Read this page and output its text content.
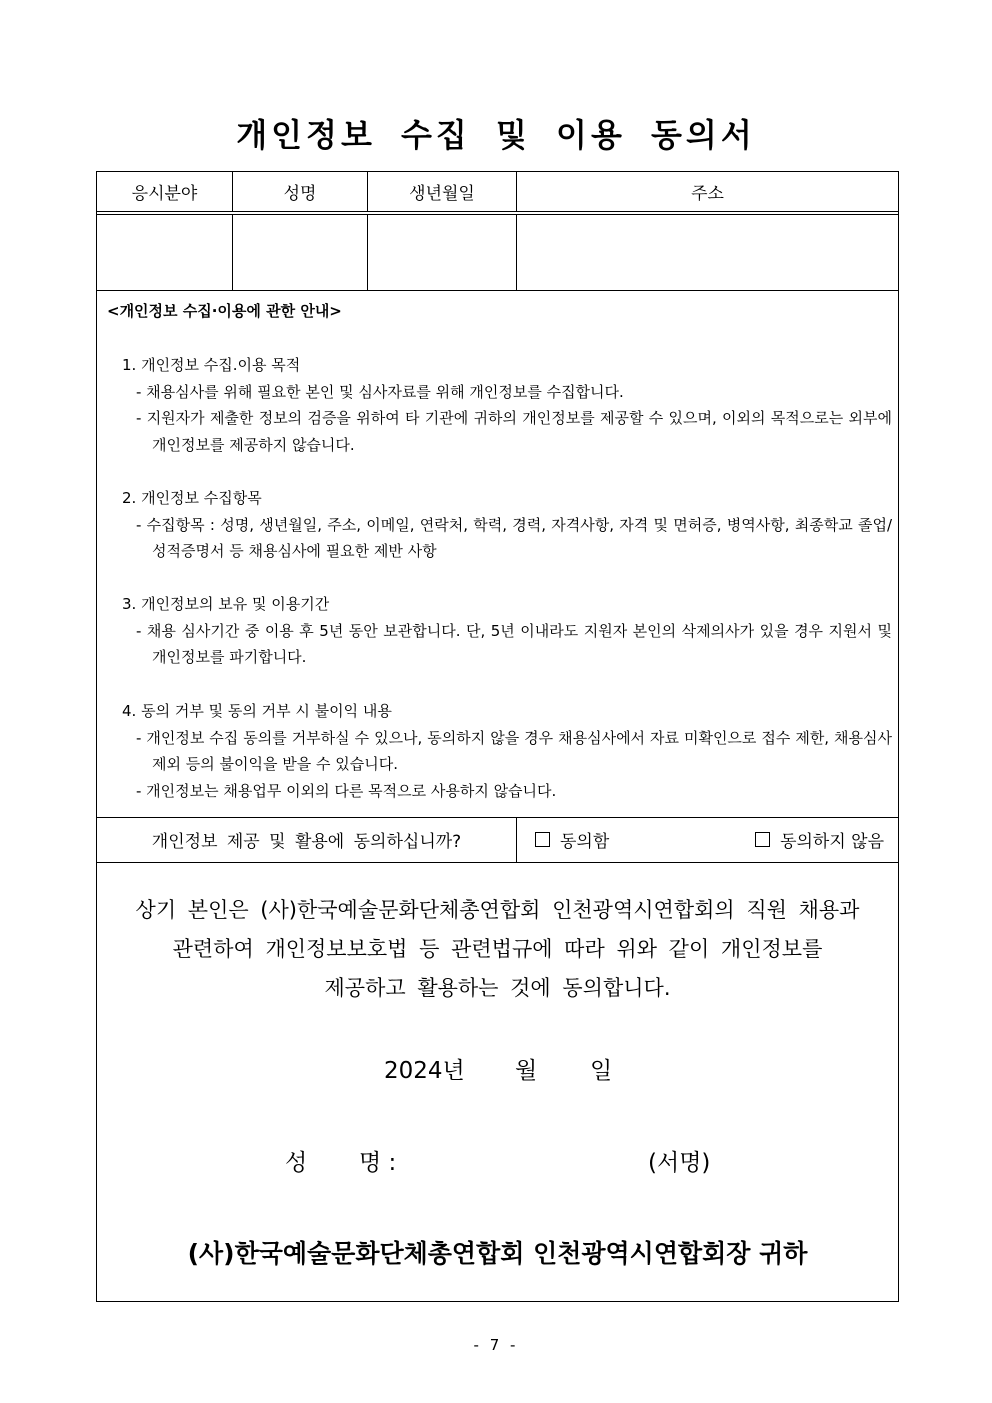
개인정보 수집 및 이용 동의서
응시분야	성명	생년월일	주소
<개인정보 수집·이용에 관한 안내>

1. 개인정보 수집.이용 목적

- 채용심사를 위해 필요한 본인 및 심사자료를 위해 개인정보를 수집합니다.

- 지원자가 제출한 정보의 검증을 위하여 타 기관에 귀하의 개인정보를 제공할 수 있으며, 이외의 목적으로는 외부에 개인정보를 제공하지 않습니다.

2. 개인정보 수집항목

- 수집항목 : 성명, 생년월일, 주소, 이메일, 연락처, 학력, 경력, 자격사항, 자격 및 면허증, 병역사항, 최종학교 졸업/성적증명서 등 채용심사에 필요한 제반 사항

3. 개인정보의 보유 및 이용기간

- 채용 심사기간 중 이용 후 5년 동안 보관합니다. 단, 5년 이내라도 지원자 본인의 삭제의사가 있을 경우 지원서 및 개인정보를 파기합니다.

4. 동의 거부 및 동의 거부 시 불이익 내용

- 개인정보 수집 동의를 거부하실 수 있으나, 동의하지 않을 경우 채용심사에서 자료 미확인으로 접수 제한, 채용심사 제외 등의 불이익을 받을 수 있습니다.

- 개인정보는 채용업무 이외의 다른 목적으로 사용하지 않습니다.

개인정보 제공 및 활용에 동의하십니까?	동의함	동의하지 않음
상기 본인은 (사)한국예술문화단체총연합회 인천광역시연합회의 직원 채용과
관련하여 개인정보보호법 등 관련법규에 따라 위와 같이 개인정보를
제공하고 활용하는 것에 동의합니다.
2024년 월 일
성 명 :	(서명)
(사)한국예술문화단체총연합회 인천광역시연합회장 귀하
- 7 -
